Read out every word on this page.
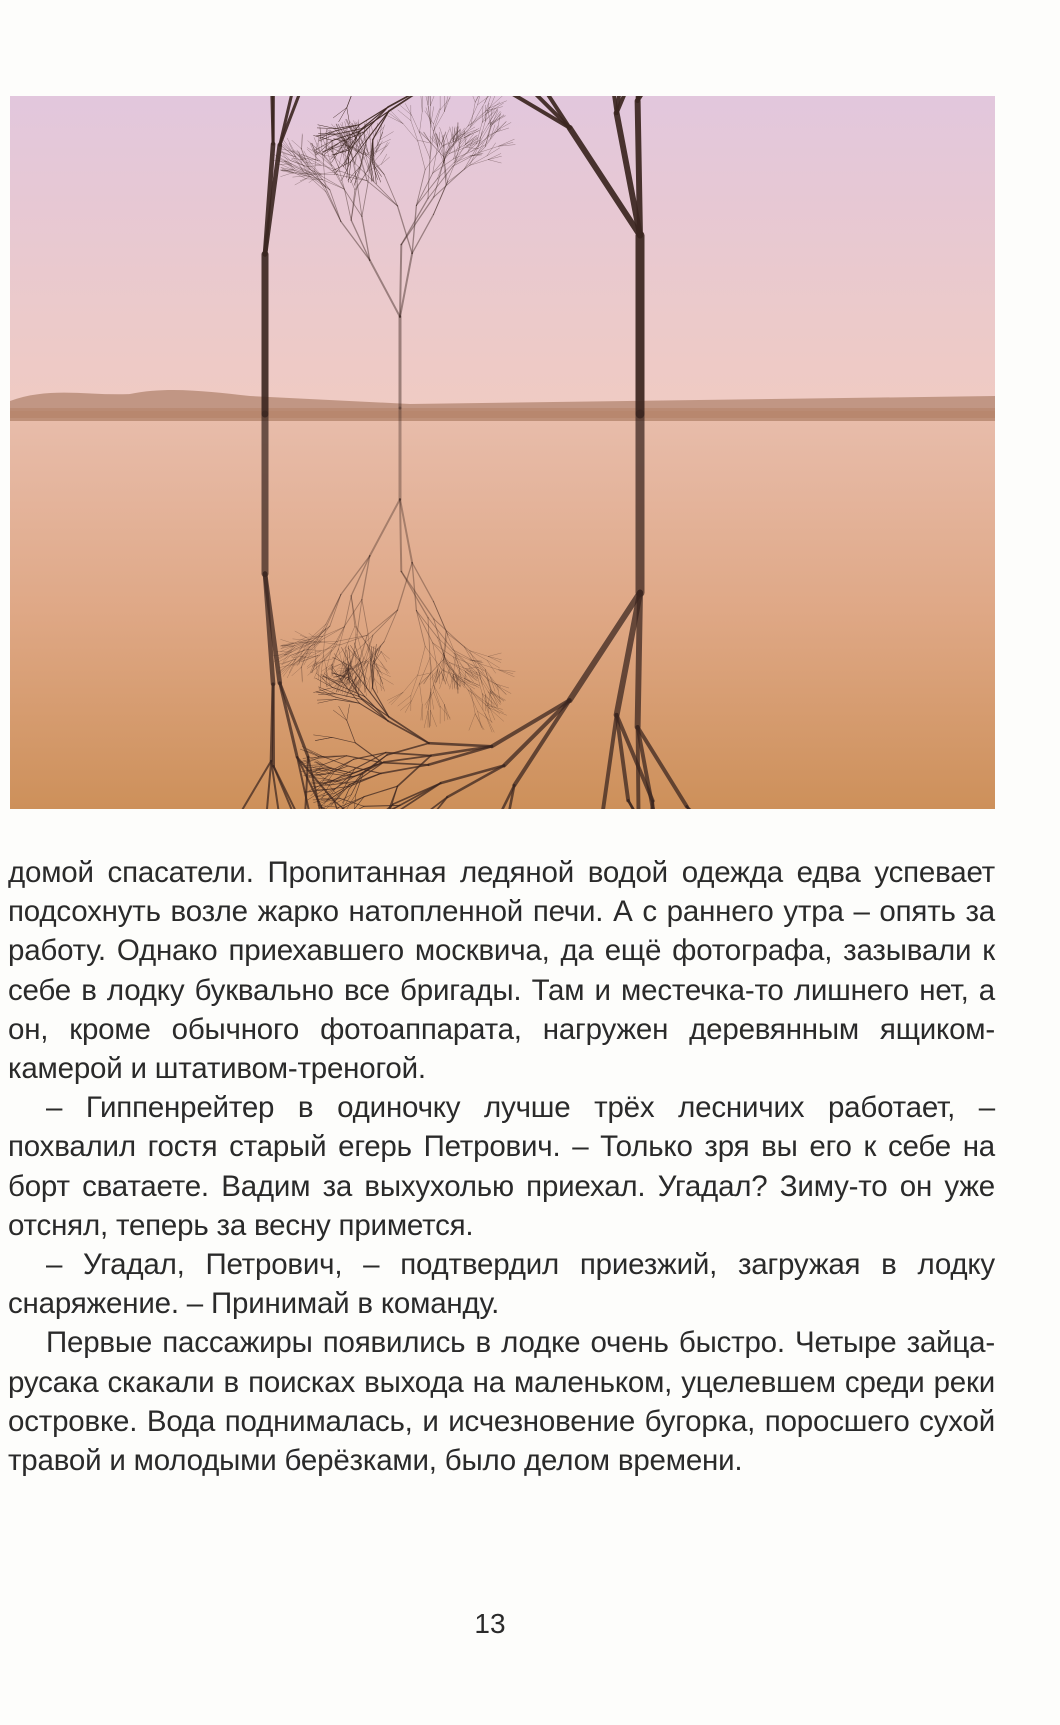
домой спасатели. Пропитанная ледяной водой одежда едва успевает подсохнуть возле жарко натопленной печи. А с раннего утра – опять за работу. Однако приехавшего москвича, да ещё фотографа, зазывали к себе в лодку буквально все бригады. Там и местечка-то лишнего нет, а он, кроме обычного фотоаппарата, нагружен деревянным ящиком-камерой и штативом-треногой.

– Гиппенрейтер в одиночку лучше трёх лесничих работает, – похвалил гостя старый егерь Петрович. – Только зря вы его к себе на борт сватаете. Вадим за выхухолью приехал. Угадал? Зиму-то он уже отснял, теперь за весну примется.

– Угадал, Петрович, – подтвердил приезжий, загружая в лодку снаряжение. – Принимай в команду.

Первые пассажиры появились в лодке очень быстро. Четыре зайца-русака скакали в поисках выхода на маленьком, уцелевшем среди реки островке. Вода поднималась, и исчезновение бугорка, поросшего сухой травой и молодыми берёзками, было делом времени.

13
